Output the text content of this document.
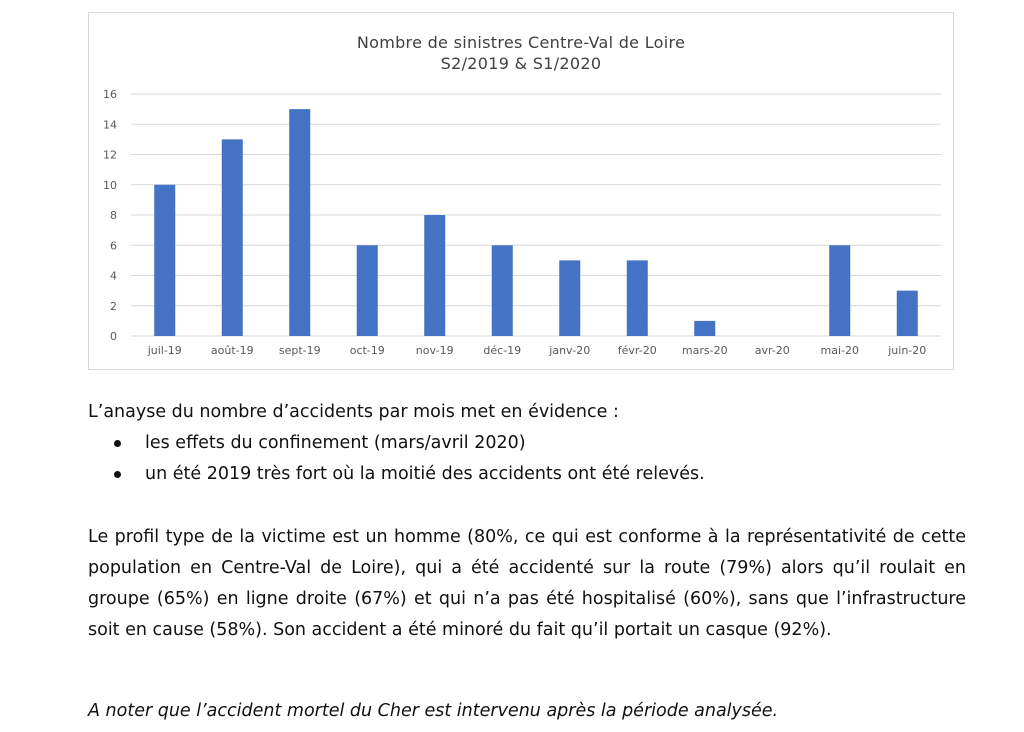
Nombre de sinistres Centre-Val de Loire
S2/2019 & S1/2020
0
2
4
6
8
10
12
14
16
juil-19	août-19 sept-19	oct-19	nov-19	déc-19	janv-20	févr-20 mars-20 avr-20	mai-20	juin-20
L’anayse du nombre d’accidents par mois met en évidence :
les effets du confinement (mars/avril 2020)
un été 2019 très fort où la moitié des accidents ont été relevés.
Le profil type de la victime est un homme (80%, ce qui est conforme à la représentativité de cette population en Centre-Val de Loire), qui a été accidenté sur la route (79%) alors qu’il roulait en groupe (65%) en ligne droite (67%) et qui n’a pas été hospitalisé (60%), sans que l’infrastructure soit en cause (58%). Son accident a été minoré du fait qu’il portait un casque (92%).
A noter que l’accident mortel du Cher est intervenu après la période analysée.
